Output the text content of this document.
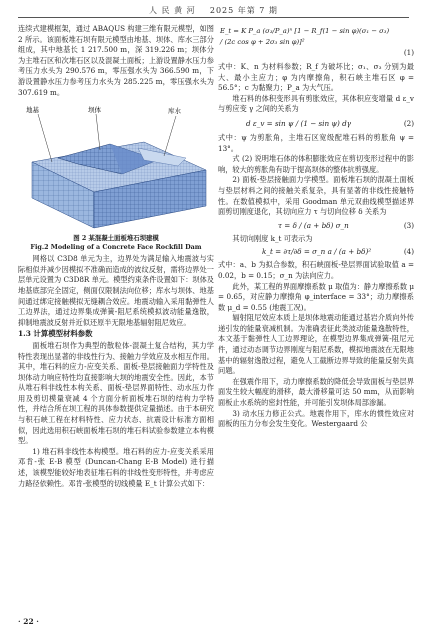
人 民 黄 河 2025 年第 7 期

连续式建模框架，通过 ABAQUS 构建三维有限元模型，如图 2 所示。该面板堆石坝有限元模型由地基、坝体、库水三部分组成，其中地基长 1 217.500 m，深 319.226 m；坝体分为主堆石区和次堆石区以及混凝土面板；上游设置静水压力参考压力水头为 290.576 m，零压强水头为 366.590 m，下游设置静水压力参考压力水头为 285.225 m，零压强水头为 307.619 m。

地基	坝体	库水
图 2 某混凝土面板堆石坝建模
Fig.2 Modeling of a Concrete Face Rockfill Dam

网格以 C3D8 单元为主，边界处为满足输入地震波与实际相似并减少因模拟不准确而造成的波纹反射，需将边界处一层单元设置为 C3D8R 单元。模型约束条件设置如下：坝体及地基底部完全固定，侧面仅限制法向位移；库水与坝体、地基间通过绑定接触模拟无缝耦合效应。地震动输入采用黏弹性人工边界法，通过边界集成弹簧-阻尼系统模拟波动能量逸散，抑制地震波反射并近似还原半无限地基辐射阻尼效应。

1.3 计算模型材料参数

面板堆石坝作为典型的散粒体-混凝土复合结构，其力学特性表现出显著的非线性行为、接触力学效应及水相互作用。其中，堆石料的应力-应变关系、面板-垫层接触面力学特性及坝体动力响应特性均直接影响大坝的地震安全性。因此，本节从堆石料非线性本构关系、面板-垫层界面特性、动水压力作用及剪切模量衰减 4 个方面分析面板堆石坝的结构力学特性，并结合所在坝工程的具体参数提供定量描述。由于本研究与积石峡工程在材料特性、应力状态、抗震设计标准方面相似，因此选用积石峡面板堆石坝的堆石料试验参数建立本构模型。

1) 堆石料非线性本构模型。堆石料的应力-应变关系采用邓肯-张 E-B 模型 (Duncan-Chang E-B Model) 进行描述，该模型能较好地表征堆石料的非线性变形特性，并考虑应力路径依赖性。邓肯-张模型的切线模量 E_t 计算公式如下：

E_t = K P_a (σ₃/P_a)ⁿ [1 − R_f(1 − sin φ)(σ₁ − σ₃) / (2c cos φ + 2σ₃ sin φ)]²
(1)

式中：K、n 为材料参数；R_f 为破坏比；σ₁、σ₃ 分别为最大、最小主应力；φ 为内摩擦角，积石峡主堆石区 φ = 56.5°；c 为黏聚力；P_a 为大气压。

堆石料的体积变形具有剪胀效应，其体积应变增量 d ε_v 与剪应变 γ 之间的关系为

d ε_v = sin ψ / (1 − sin ψ) dγ	(2)

式中：ψ 为剪胀角，主堆石区宽级配堆石料的剪胀角 ψ = 13°。

式 (2) 说明堆石体的体积膨胀效应在剪切变形过程中的影响，较大的剪胀角有助于提高坝体的整体抗剪强度。

2) 面板-垫层接触面力学模型。面板堆石坝的混凝土面板与垫层材料之间的接触关系复杂，具有显著的非线性接触特性。在数值模拟中，采用 Goodman 单元双曲线模型描述界面剪切刚度退化，其切向应力 τ 与切向位移 δ 关系为

τ = δ / (a + bδ) σ_n	(3)

其切向刚度 k_t 可表示为

k_t = ∂τ/∂δ = σ_n a / (a + bδ)²	(4)

式中：a、b 为拟合参数，积石峡面板-垫层界面试验取值 a = 0.02，b = 0.15；σ_n 为法向应力。

此外，某工程的界面摩擦系数 μ 取值为：静力摩擦系数 μ = 0.65，对应静力摩擦角 φ_interface = 33°；动力摩擦系数 μ_d = 0.55 (地震工况)。

辐射阻尼效应本质上是坝体地震动能通过基岩介质向外传递引发的能量衰减机制。为准确表征此类波动能量逸散特性，本文基于黏弹性人工边界理论，在模型边界集成弹簧-阻尼元件，通过动态调节边界刚度与阻尼系数，模拟地震波在无限地基中的辐射逸散过程，避免人工截断边界导致的能量反射失真问题。

在强震作用下，动力摩擦系数的降低会导致面板与垫层界面发生较大幅度的滑移，最大滑移量可达 50 mm，从而影响面板止水系统的密封性能，并可能引发坝体局部渗漏。

3) 动水压力修正公式。地震作用下，库水的惯性效应对面板的压力分布会发生变化。Westergaard 公

· 22 ·
